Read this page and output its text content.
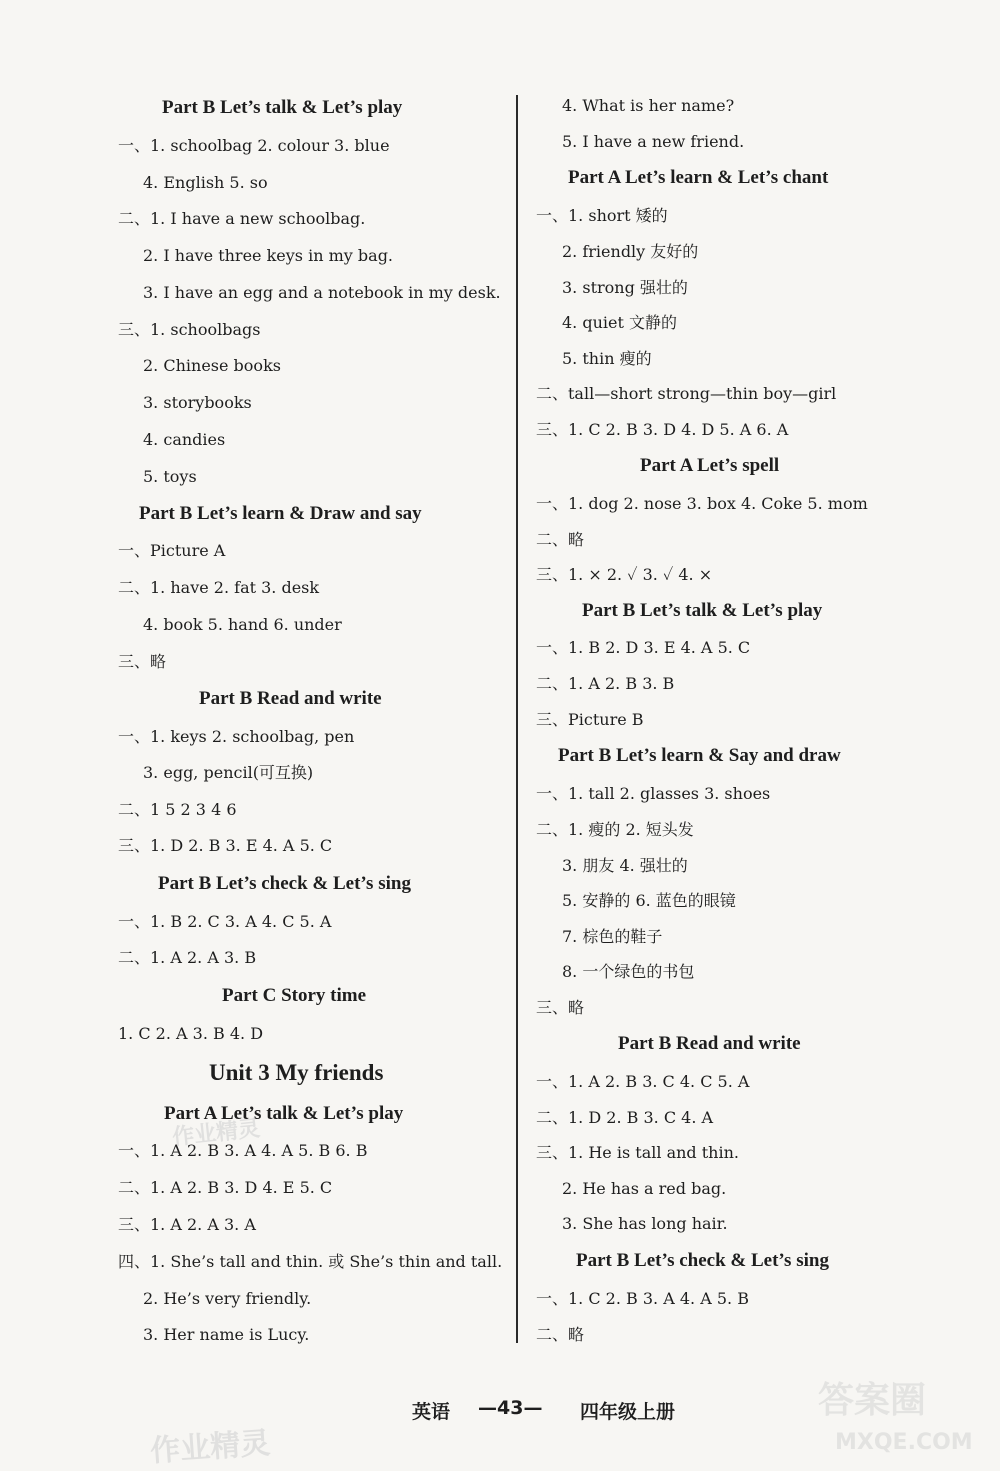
Part B Let’s talk & Let’s play
一、1. schoolbag 2. colour 3. blue
4. English 5. so
二、1. I have a new schoolbag.
2. I have three keys in my bag.
3. I have an egg and a notebook in my desk.
三、1. schoolbags
2. Chinese books
3. storybooks
4. candies
5. toys
Part B Let’s learn & Draw and say
一、Picture A
二、1. have 2. fat 3. desk
4. book 5. hand 6. under
三、略
Part B Read and write
一、1. keys 2. schoolbag, pen
3. egg, pencil(可互换)
二、1 5 2 3 4 6
三、1. D 2. B 3. E 4. A 5. C
Part B Let’s check & Let’s sing
一、1. B 2. C 3. A 4. C 5. A
二、1. A 2. A 3. B
Part C Story time
1. C 2. A 3. B 4. D
Unit 3 My friends
Part A Let’s talk & Let’s play
一、1. A 2. B 3. A 4. A 5. B 6. B
二、1. A 2. B 3. D 4. E 5. C
三、1. A 2. A 3. A
四、1. She’s tall and thin. 或 She’s thin and tall.
2. He’s very friendly.
3. Her name is Lucy.
4. What is her name?
5. I have a new friend.
Part A Let’s learn & Let’s chant
一、1. short 矮的
2. friendly 友好的
3. strong 强壮的
4. quiet 文静的
5. thin 瘦的
二、tall—short strong—thin boy—girl
三、1. C 2. B 3. D 4. D 5. A 6. A
Part A Let’s spell
一、1. dog 2. nose 3. box 4. Coke 5. mom
二、略
三、1. × 2. ✓ 3. ✓ 4. ×
Part B Let’s talk & Let’s play
一、1. B 2. D 3. E 4. A 5. C
二、1. A 2. B 3. B
三、Picture B
Part B Let’s learn & Say and draw
一、1. tall 2. glasses 3. shoes
二、1. 瘦的 2. 短头发
3. 朋友 4. 强壮的
5. 安静的 6. 蓝色的眼镜
7. 棕色的鞋子
8. 一个绿色的书包
三、略
Part B Read and write
一、1. A 2. B 3. C 4. C 5. A
二、1. D 2. B 3. C 4. A
三、1. He is tall and thin.
2. He has a red bag.
3. She has long hair.
Part B Let’s check & Let’s sing
一、1. C 2. B 3. A 4. A 5. B
二、略
英语 —43— 四年级上册
作业精灵
作业精灵
答案圈
MXQE.COM
